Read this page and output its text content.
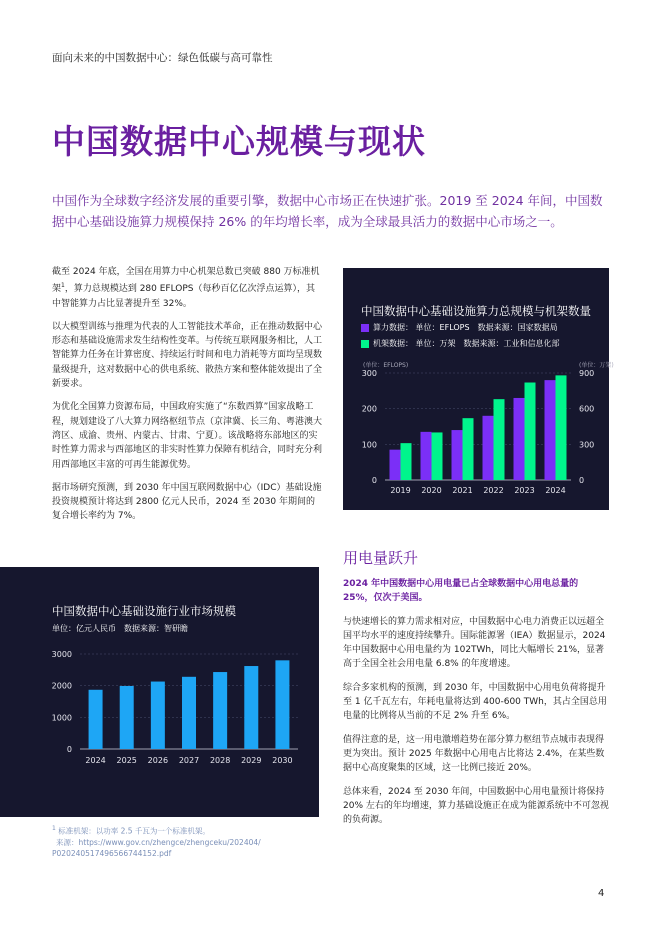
面向未来的中国数据中心：绿色低碳与高可靠性
中国数据中心规模与现状
中国作为全球数字经济发展的重要引擎，数据中心市场正在快速扩张。2019 至 2024 年间，中国数据中心基础设施算力规模保持 26% 的年均增长率，成为全球最具活力的数据中心市场之一。

截至 2024 年底，全国在用算力中心机架总数已突破 880 万标准机架$^1$，算力总规模达到 280 EFLOPS（每秒百亿亿次浮点运算），其中智能算力占比显著提升至 32%。

以大模型训练与推理为代表的人工智能技术革命，正在推动数据中心形态和基础设施需求发生结构性变革。与传统互联网服务相比，人工智能算力任务在计算密度、持续运行时间和电力消耗等方面均呈现数量级提升，这对数据中心的供电系统、散热方案和整体能效提出了全新要求。

为优化全国算力资源布局，中国政府实施了“东数西算”国家战略工程，规划建设了八大算力网络枢纽节点（京津冀、长三角、粤港澳大湾区、成渝、贵州、内蒙古、甘肃、宁夏）。该战略将东部地区的实时性算力需求与西部地区的非实时性算力保障有机结合，同时充分利用西部地区丰富的可再生能源优势。

据市场研究预测，到 2030 年中国互联网数据中心（IDC）基础设施投资规模预计将达到 2800 亿元人民币，2024 至 2030 年期间的复合增长率约为 7%。

中国数据中心基础设施算力总规模与机架数量
算力数据： 单位：EFLOPS　数据来源：国家数据局
机架数据： 单位：万架　数据来源：工业和信息化部
(单位：EFLOPS)	(单位：万架)
0
100
200
300
0
300
600
900
2019 2020 2021 2022 2023 2024
用电量跃升

2024 年中国数据中心用电量已占全球数据中心用电总量的 25%，仅次于美国。

与快速增长的算力需求相对应，中国数据中心电力消费正以远超全国平均水平的速度持续攀升。国际能源署（IEA）数据显示，2024 年中国数据中心用电量约为 102TWh，同比大幅增长 21%，显著高于全国全社会用电量 6.8% 的年度增速。

综合多家机构的预测，到 2030 年，中国数据中心用电负荷将提升至 1 亿千瓦左右，年耗电量将达到 400-600 TWh，其占全国总用电量的比例将从当前的不足 2% 升至 6%。

值得注意的是，这一用电激增趋势在部分算力枢纽节点城市表现得更为突出。预计 2025 年数据中心用电占比将达 2.4%，在某些数据中心高度聚集的区域，这一比例已接近 20%。

总体来看，2024 至 2030 年间，中国数据中心用电量预计将保持 20% 左右的年均增速，算力基础设施正在成为能源系统中不可忽视的负荷源。

中国数据中心基础设施行业市场规模
单位：亿元人民币　数据来源：智研瞻
0
1000
2000
3000
2024 2025 2026 2027 2028 2029 2030
$^1$ 标准机架：以功率 2.5 千瓦为一个标准机架。
来源：https://www.gov.cn/zhengce/zhengceku/202404/
P020240517496566744152.pdf
4
